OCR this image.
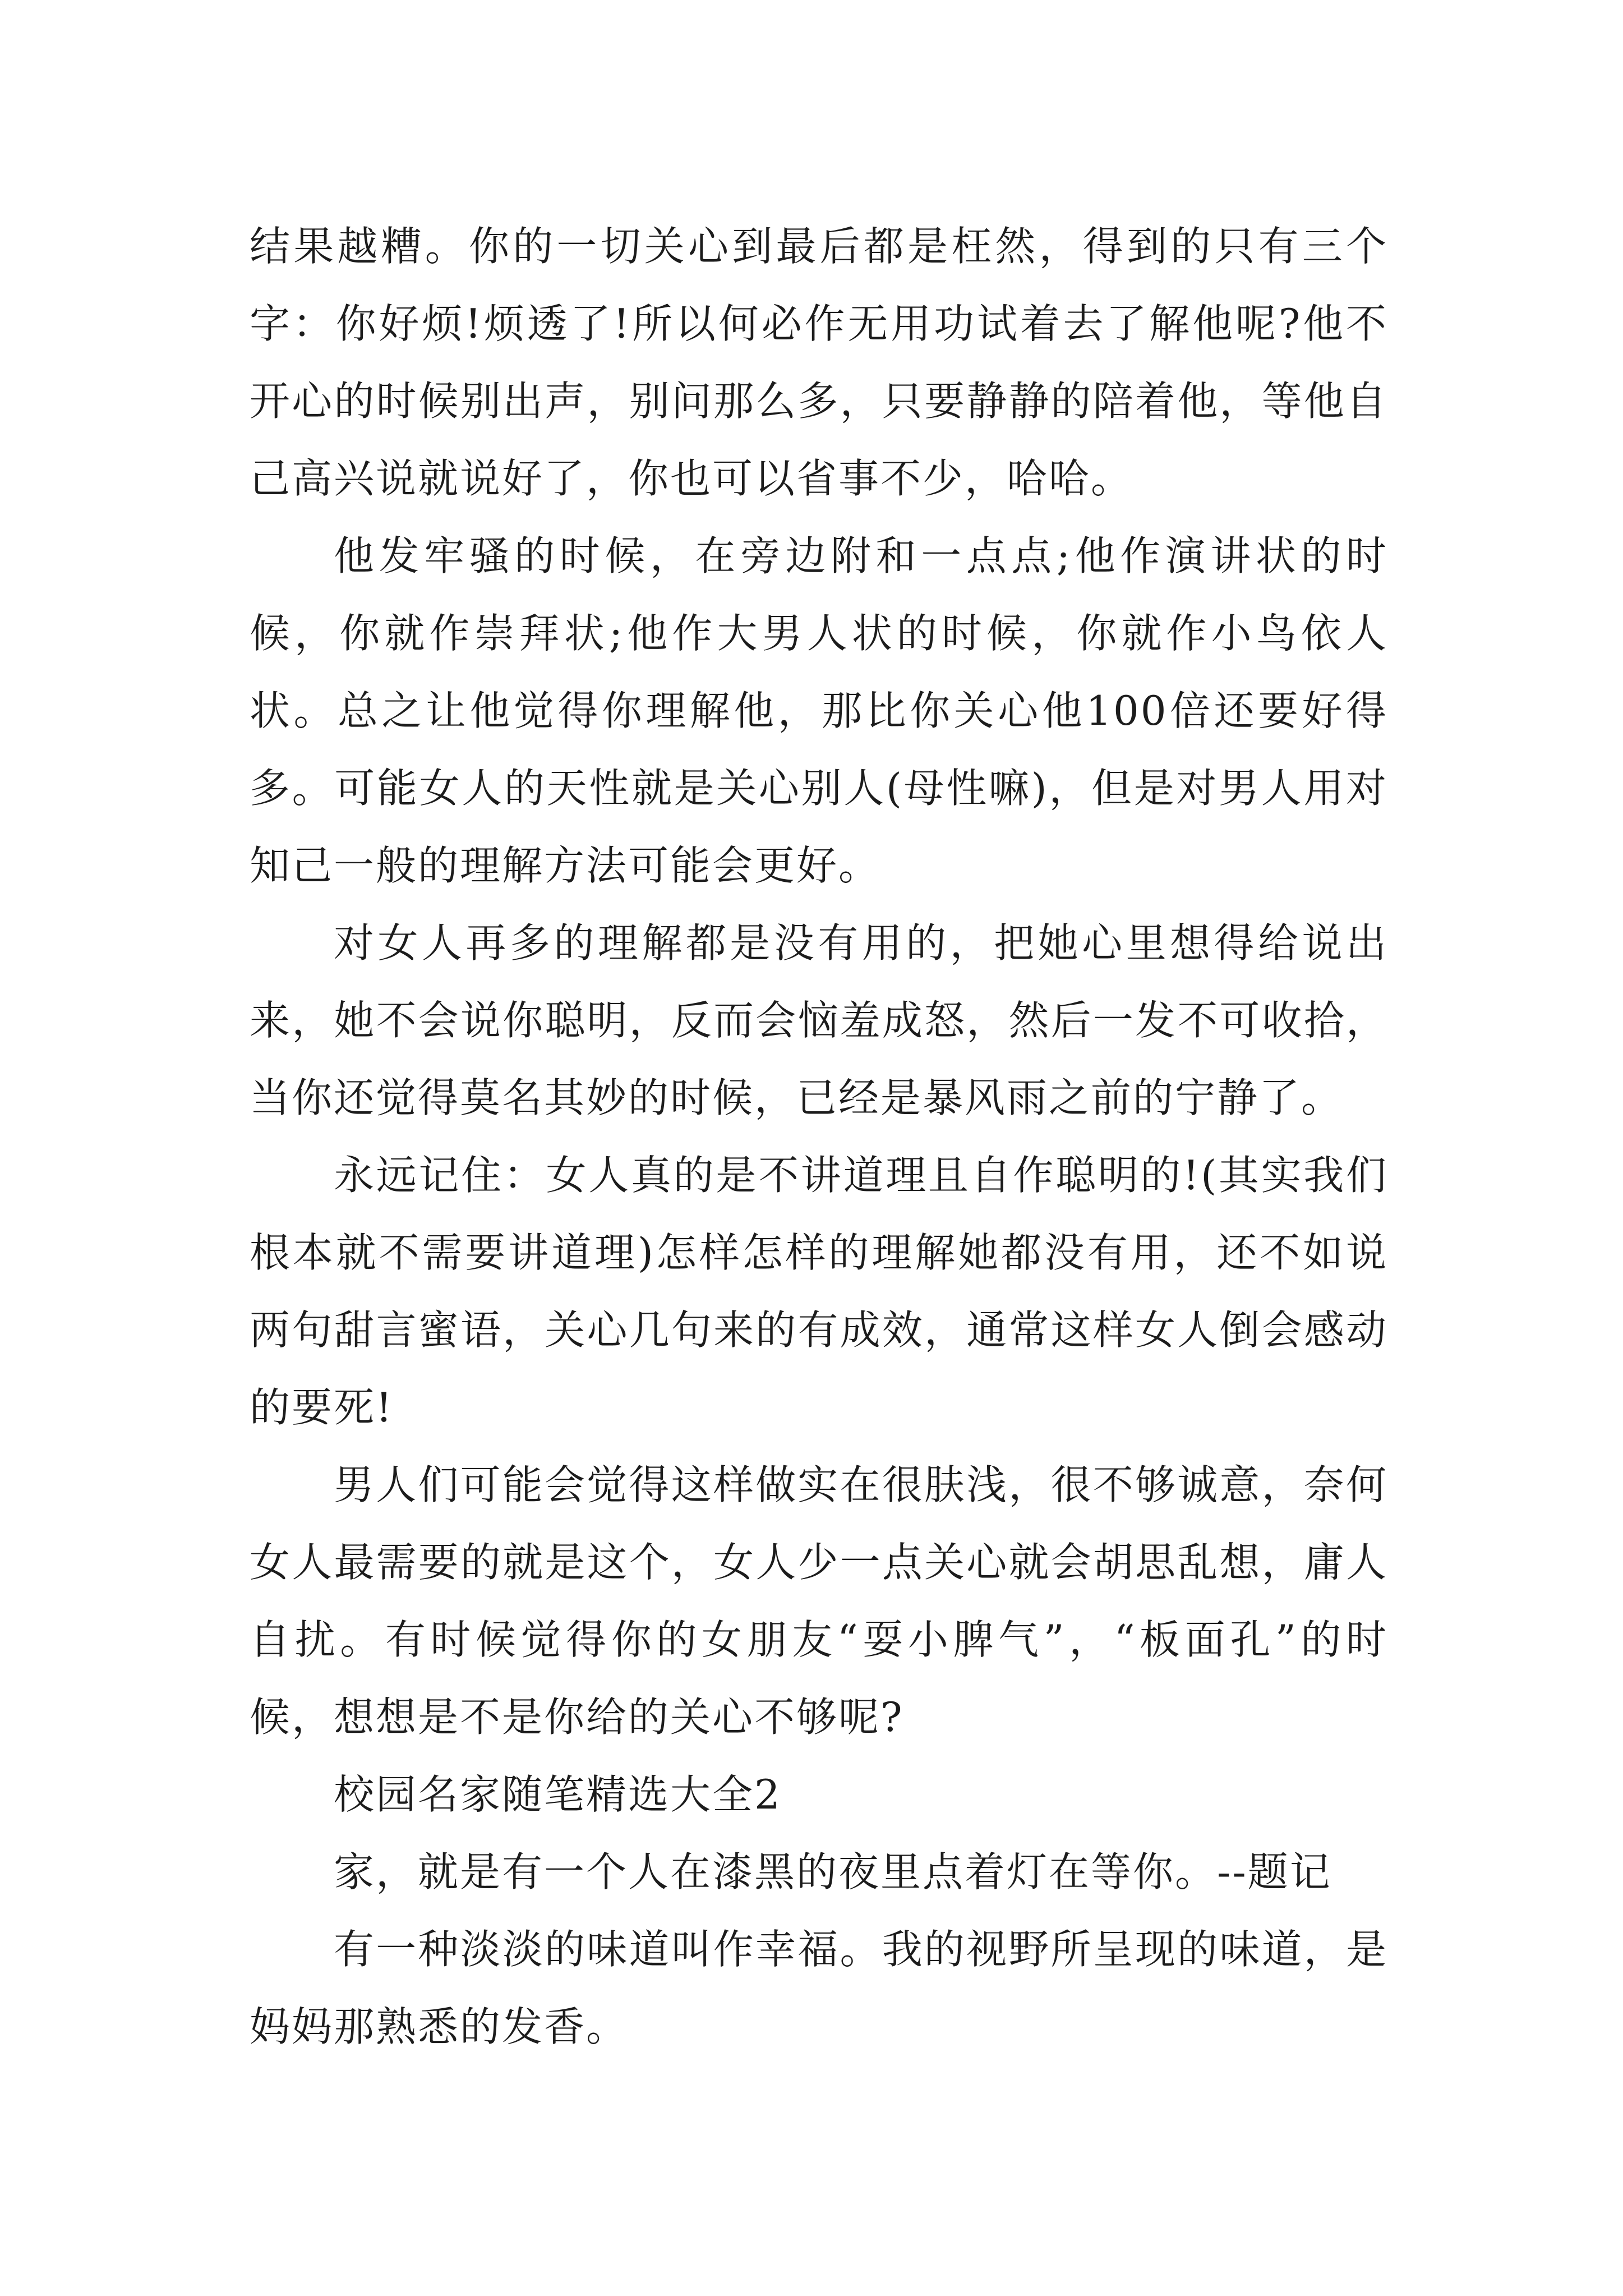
结果越糟。你的一切关心到最后都是枉然，得到的只有三个字：你好烦!烦透了!所以何必作无用功试着去了解他呢?他不开心的时候别出声，别问那么多，只要静静的陪着他，等他自己高兴说就说好了，你也可以省事不少，哈哈。

他发牢骚的时候，在旁边附和一点点;他作演讲状的时候，你就作崇拜状;他作大男人状的时候，你就作小鸟依人状。总之让他觉得你理解他，那比你关心他100倍还要好得多。可能女人的天性就是关心别人(母性嘛)，但是对男人用对知己一般的理解方法可能会更好。

对女人再多的理解都是没有用的，把她心里想得给说出来，她不会说你聪明，反而会恼羞成怒，然后一发不可收拾，当你还觉得莫名其妙的时候，已经是暴风雨之前的宁静了。

永远记住：女人真的是不讲道理且自作聪明的!(其实我们根本就不需要讲道理)怎样怎样的理解她都没有用，还不如说两句甜言蜜语，关心几句来的有成效，通常这样女人倒会感动的要死!

男人们可能会觉得这样做实在很肤浅，很不够诚意，奈何女人最需要的就是这个，女人少一点关心就会胡思乱想，庸人自扰。有时候觉得你的女朋友“耍小脾气”，“板面孔”的时候，想想是不是你给的关心不够呢?

校园名家随笔精选大全2

家，就是有一个人在漆黑的夜里点着灯在等你。--题记

有一种淡淡的味道叫作幸福。我的视野所呈现的味道，是妈妈那熟悉的发香。
